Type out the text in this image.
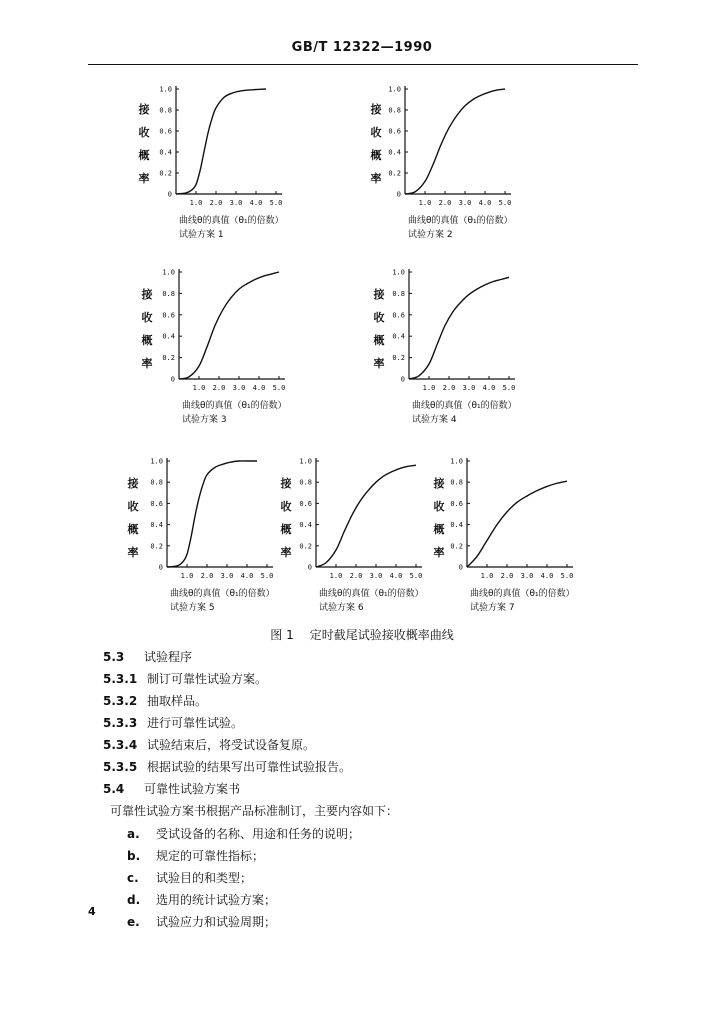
GB/T 12322—1990
1.0
0.8
0.6
0.4
0.2
0
1.0 2.0 3.0 4.0 5.0
接
收
概
率
曲线θ的真值（θ₁的倍数）
试验方案 1
1.0
0.8
0.6
0.4
0.2
0
1.0 2.0 3.0 4.0 5.0
接
收
概
率
曲线θ的真值（θ₁的倍数）
试验方案 2
1.0
0.8
0.6
0.4
0.2
0
1.0 2.0 3.0 4.0 5.0
接
收
概
率
曲线θ的真值（θ₁的倍数）
试验方案 3
1.0
0.8
0.6
0.4
0.2
0
1.0 2.0 3.0 4.0 5.0
接
收
概
率
曲线θ的真值（θ₁的倍数）
试验方案 4
1.0
0.8
0.6
0.4
0.2
0
1.0 2.0 3.0 4.0 5.0
接
收
概
率
曲线θ的真值（θ₁的倍数）
试验方案 5
1.0
0.8
0.6
0.4
0.2
0
1.0 2.0 3.0 4.0 5.0
接
收
概
率
曲线θ的真值（θ₁的倍数）
试验方案 6
1.0
0.8
0.6
0.4
0.2
0
1.0 2.0 3.0 4.0 5.0
接
收
概
率
曲线θ的真值（θ₁的倍数）
试验方案 7
图 1 定时截尾试验接收概率曲线
5.3 试验程序
5.3.1 制订可靠性试验方案。
5.3.2 抽取样品。
5.3.3 进行可靠性试验。
5.3.4 试验结束后，将受试设备复原。
5.3.5 根据试验的结果写出可靠性试验报告。
5.4 可靠性试验方案书
可靠性试验方案书根据产品标准制订，主要内容如下：
a. 受试设备的名称、用途和任务的说明；
b. 规定的可靠性指标；
c. 试验目的和类型；
d. 选用的统计试验方案；
e. 试验应力和试验周期；
4
